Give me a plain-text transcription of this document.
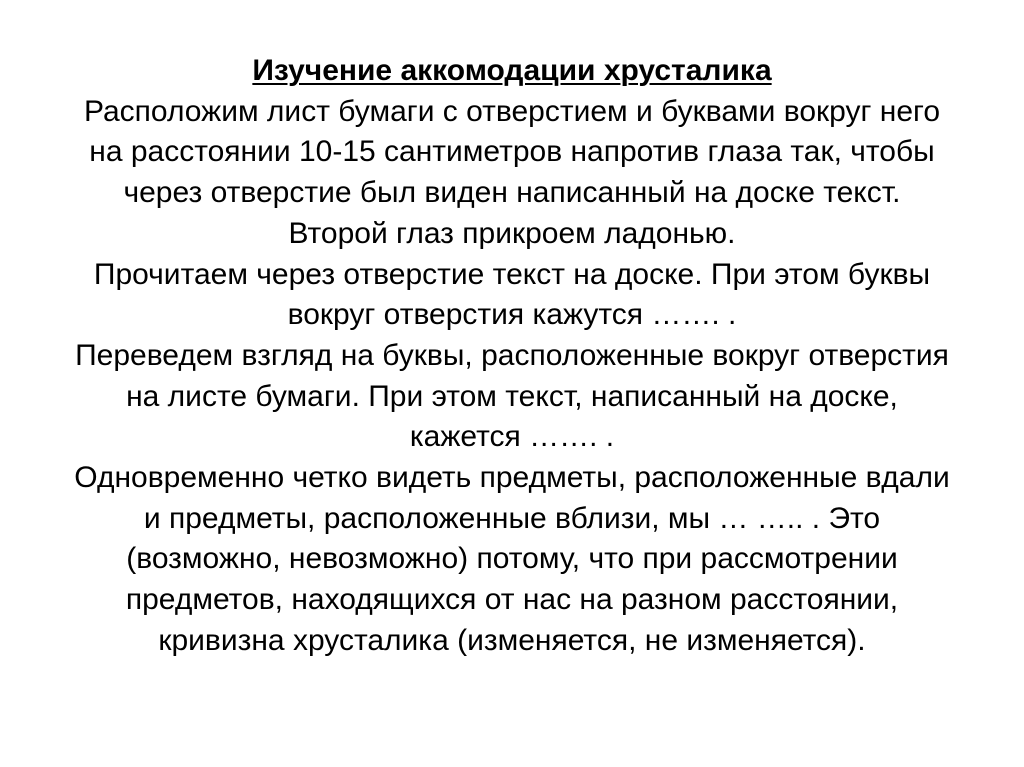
Изучение аккомодации хрусталика
Расположим лист бумаги с отверстием и буквами вокруг него
на расстоянии 10-15 сантиметров напротив глаза так, чтобы
через отверстие был виден написанный на доске текст.
Второй глаз прикроем ладонью.
Прочитаем через отверстие текст на доске. При этом буквы
вокруг отверстия кажутся ……. .
Переведем взгляд на буквы, расположенные вокруг отверстия
на листе бумаги. При этом текст, написанный на доске,
кажется ……. .
Одновременно четко видеть предметы, расположенные вдали
и предметы, расположенные вблизи, мы … ….. . Это
(возможно, невозможно) потому, что при рассмотрении
предметов, находящихся от нас на разном расстоянии,
кривизна хрусталика (изменяется, не изменяется).
